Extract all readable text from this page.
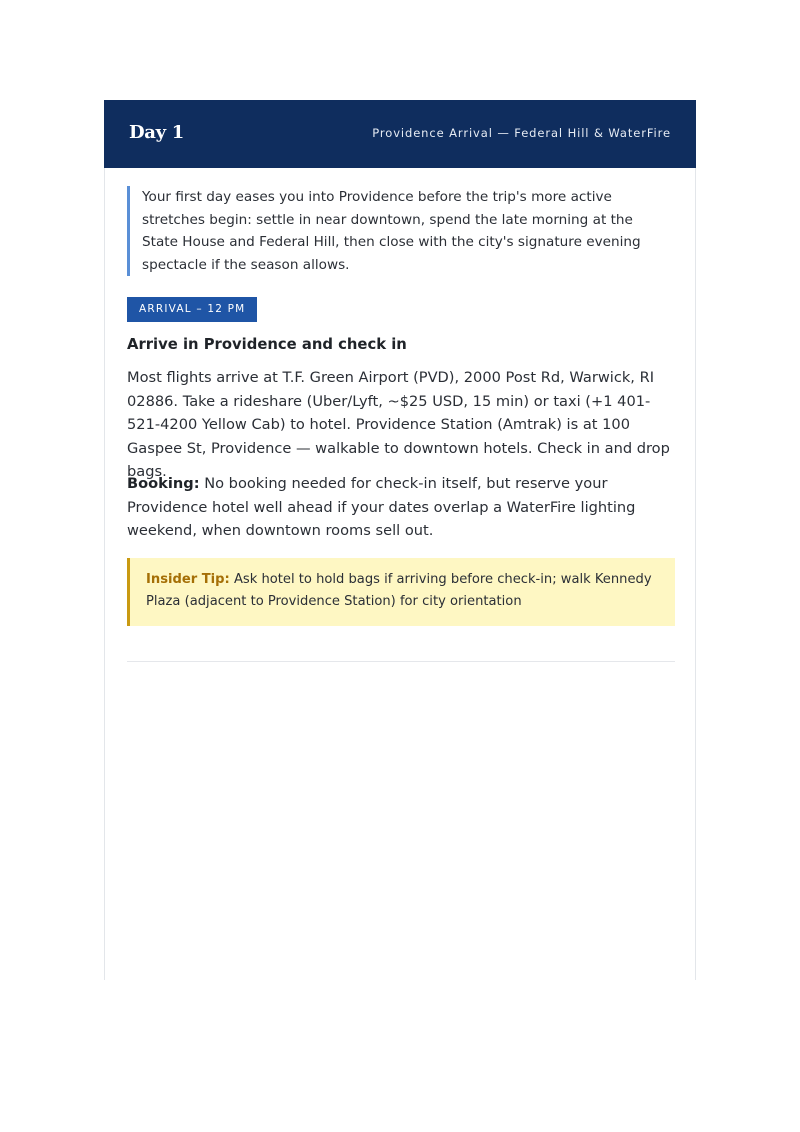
Day 1	Providence Arrival — Federal Hill & WaterFire
Your first day eases you into Providence before the trip's more active stretches begin: settle in near downtown, spend the late morning at the State House and Federal Hill, then close with the city's signature evening spectacle if the season allows.
ARRIVAL – 12 PM
Arrive in Providence and check in
Most flights arrive at T.F. Green Airport (PVD), 2000 Post Rd, Warwick, RI 02886. Take a rideshare (Uber/Lyft, ~$25 USD, 15 min) or taxi (+1 401-521-4200 Yellow Cab) to hotel. Providence Station (Amtrak) is at 100 Gaspee St, Providence — walkable to downtown hotels. Check in and drop bags.
Booking: No booking needed for check-in itself, but reserve your Providence hotel well ahead if your dates overlap a WaterFire lighting weekend, when downtown rooms sell out.
Insider Tip: Ask hotel to hold bags if arriving before check-in; walk Kennedy Plaza (adjacent to Providence Station) for city orientation
